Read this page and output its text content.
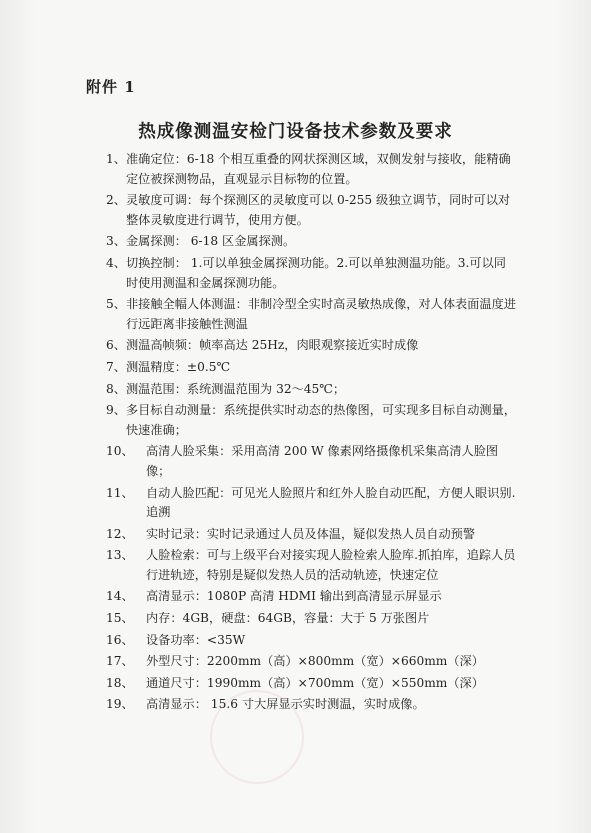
附件 1
热成像测温安检门设备技术参数及要求
1、 准确定位：6-18 个相互重叠的网状探测区域，双侧发射与接收，能精确定位被探测物品，直观显示目标物的位置。
2、 灵敏度可调：每个探测区的灵敏度可以 0-255 级独立调节，同时可以对整体灵敏度进行调节，使用方便。
3、 金属探测： 6-18 区金属探测。
4、 切换控制： 1.可以单独金属探测功能。2.可以单独测温功能。3.可以同时使用测温和金属探测功能。
5、 非接触全幅人体测温：非制冷型全实时高灵敏热成像，对人体表面温度进行远距离非接触性测温
6、 测温高帧频：帧率高达 25Hz，肉眼观察接近实时成像
7、 测温精度：±0.5℃
8、 测温范围：系统测温范围为 32～45℃；
9、 多目标自动测量：系统提供实时动态的热像图，可实现多目标自动测量，快速准确；
10、	高清人脸采集：采用高清 200 W 像素网络摄像机采集高清人脸图像；
11、	自动人脸匹配：可见光人脸照片和红外人脸自动匹配，方便人眼识别.追溯
12、	实时记录：实时记录通过人员及体温，疑似发热人员自动预警
13、	人脸检索：可与上级平台对接实现人脸检索人脸库.抓拍库，追踪人员行进轨迹，特别是疑似发热人员的活动轨迹，快速定位
14、	高清显示：1080P 高清 HDMI 输出到高清显示屏显示
15、	内存：4GB，硬盘：64GB，容量：大于 5 万张图片
16、	设备功率：<35W
17、	外型尺寸：2200mm（高）×800mm（宽）×660mm（深）
18、	通道尺寸：1990mm（高）×700mm（宽）×550mm（深）
19、	高清显示： 15.6 寸大屏显示实时测温，实时成像。
